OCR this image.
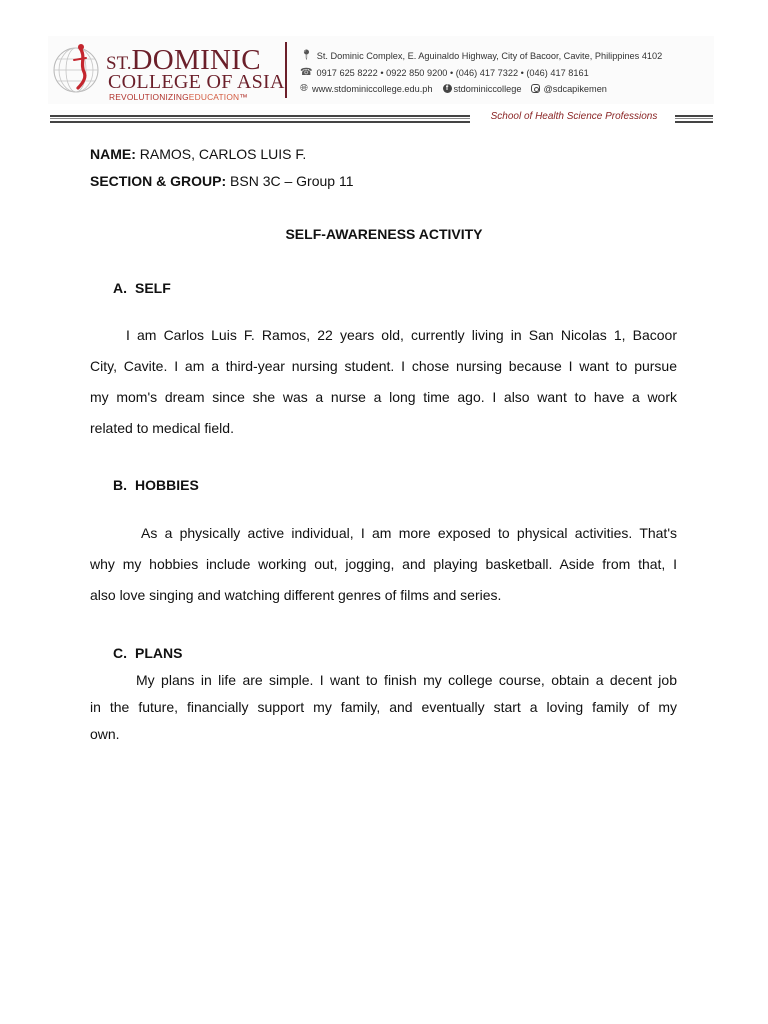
ST.DOMINIC
COLLEGE OF ASIA
REVOLUTIONIZINGEDUCATION™
📍︎ St. Dominic Complex, E. Aguinaldo Highway, City of Bacoor, Cavite, Philippines 4102
☎ 0917 625 8222 • 0922 850 9200 • (046) 417 7322 • (046) 417 8161
🌐︎ www.stdominiccollege.edu.ph	f stdominiccollege @sdcapikemen
School of Health Science Professions
NAME: RAMOS, CARLOS LUIS F.
SECTION & GROUP: BSN 3C – Group 11
SELF-AWARENESS ACTIVITY
A. SELF
I am Carlos Luis F. Ramos, 22 years old, currently living in San Nicolas 1, Bacoor
City, Cavite. I am a third-year nursing student. I chose nursing because I want to pursue
my mom's dream since she was a nurse a long time ago. I also want to have a work
related to medical field.
B. HOBBIES
As a physically active individual, I am more exposed to physical activities. That's
why my hobbies include working out, jogging, and playing basketball. Aside from that, I
also love singing and watching different genres of films and series.
C. PLANS
My plans in life are simple. I want to finish my college course, obtain a decent job
in the future, financially support my family, and eventually start a loving family of my
own.
